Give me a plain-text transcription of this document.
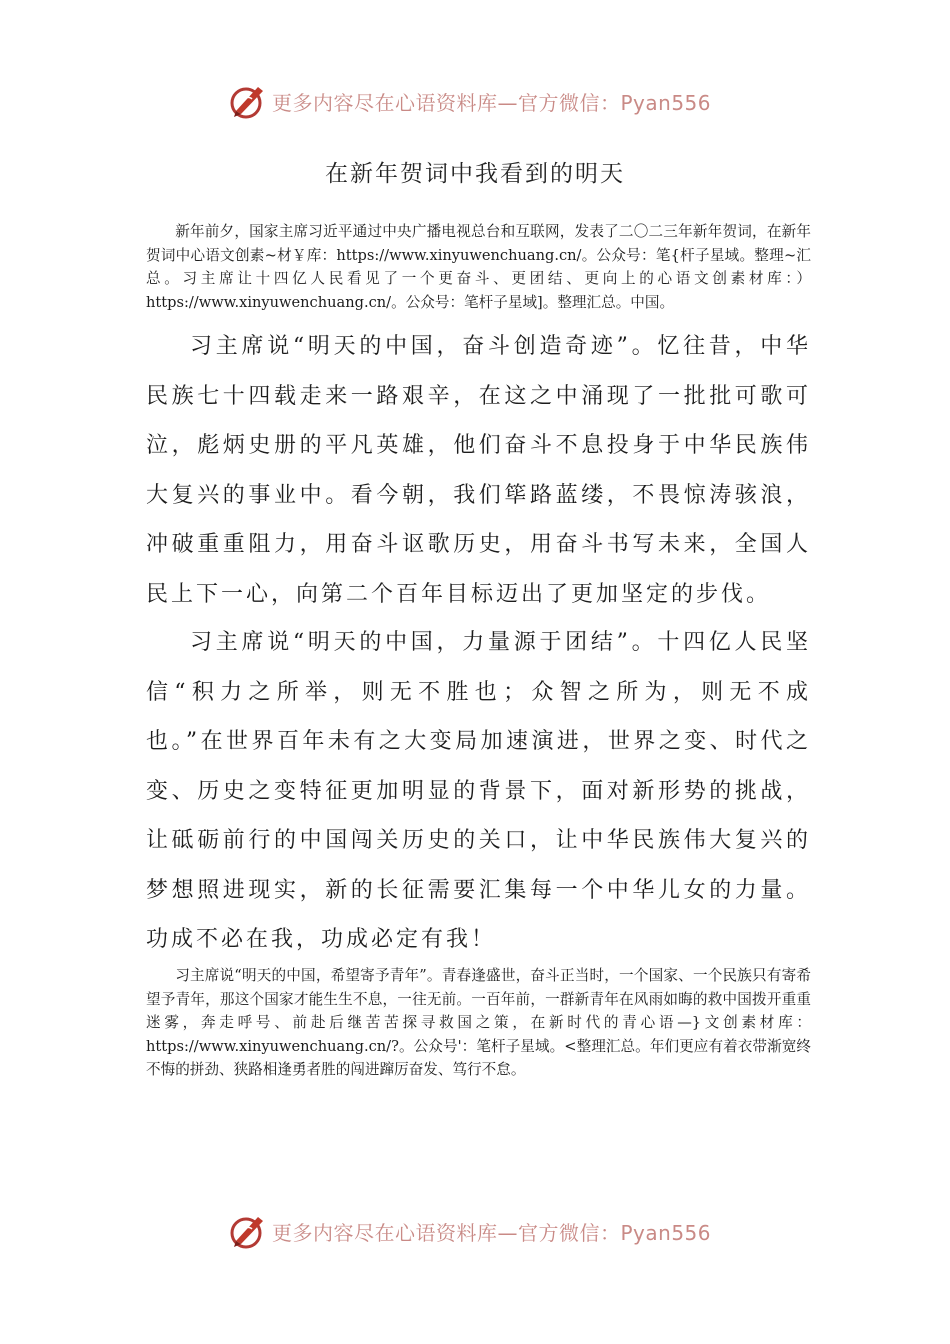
更多内容尽在心语资料库—官方微信：Pyan556
在新年贺词中我看到的明天

新年前夕，国家主席习近平通过中央广播电视总台和互联网，发表了二〇二三年新年贺词，在新年贺词中心语文创素~材￥库：https://www.xinyuwenchuang.cn/。公众号：笔{杆子星域。整理~汇总。习主席让十四亿人民看见了一个更奋斗、更团结、更向上的心语文创素材库：）https://www.xinyuwenchuang.cn/。公众号：笔杆子星域]。整理汇总。中国。

习主席说“明天的中国，奋斗创造奇迹”。忆往昔，中华民族七十四载走来一路艰辛，在这之中涌现了一批批可歌可泣，彪炳史册的平凡英雄，他们奋斗不息投身于中华民族伟大复兴的事业中。看今朝，我们筚路蓝缕，不畏惊涛骇浪，冲破重重阻力，用奋斗讴歌历史，用奋斗书写未来，全国人民上下一心，向第二个百年目标迈出了更加坚定的步伐。

习主席说“明天的中国，力量源于团结”。十四亿人民坚信“积力之所举，则无不胜也；众智之所为，则无不成也。”在世界百年未有之大变局加速演进，世界之变、时代之变、历史之变特征更加明显的背景下，面对新形势的挑战，让砥砺前行的中国闯关历史的关口，让中华民族伟大复兴的梦想照进现实，新的长征需要汇集每一个中华儿女的力量。功成不必在我，功成必定有我！

习主席说“明天的中国，希望寄予青年”。青春逢盛世，奋斗正当时，一个国家、一个民族只有寄希望予青年，那这个国家才能生生不息，一往无前。一百年前，一群新青年在风雨如晦的救中国拨开重重迷雾，奔走呼号、前赴后继苦苦探寻救国之策，在新时代的青心语—}文创素材库：https://www.xinyuwenchuang.cn/?。公众号'：笔杆子星域。<整理汇总。年们更应有着衣带渐宽终不悔的拼劲、狭路相逢勇者胜的闯进蹿厉奋发、笃行不怠。

更多内容尽在心语资料库—官方微信：Pyan556
